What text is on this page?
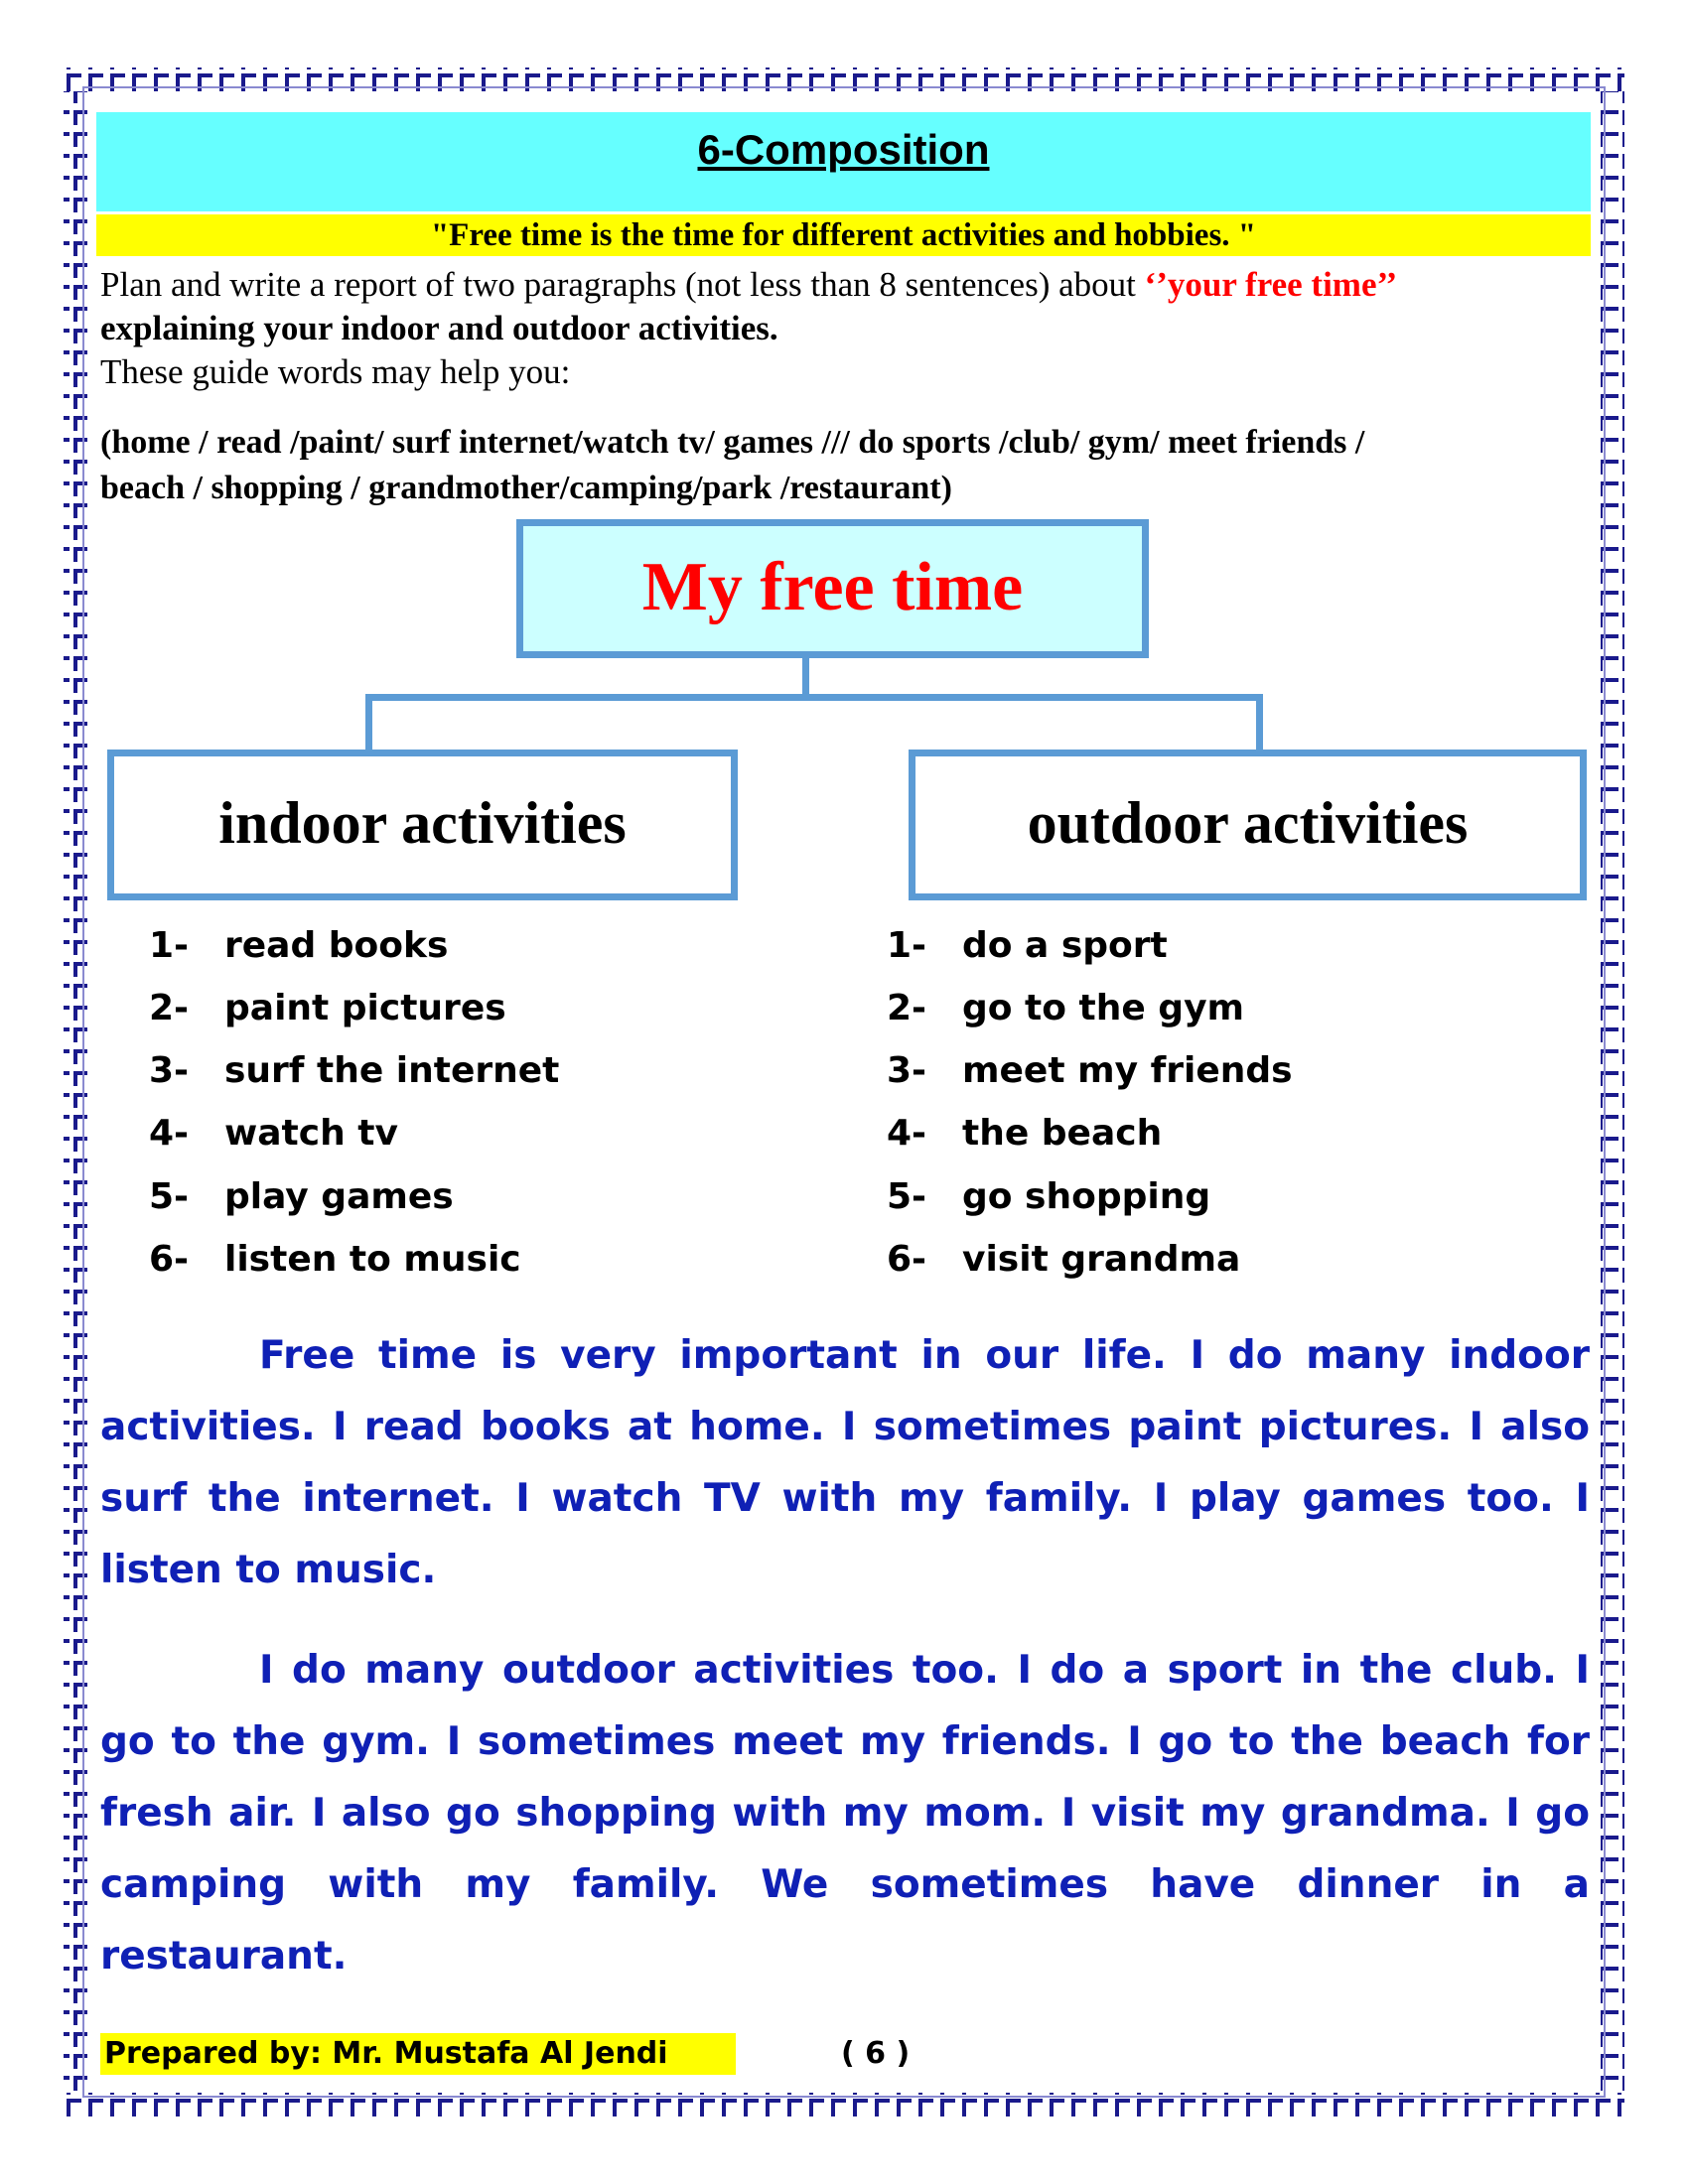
6-Composition
"Free time is the time for different activities and hobbies. "
Plan and write a report of two paragraphs (not less than 8 sentences) about ‘’your free time’’
explaining your indoor and outdoor activities.
These guide words may help you:
(home / read /paint/ surf internet/watch tv/ games /// do sports /club/ gym/ meet friends /
beach / shopping / grandmother/camping/park /restaurant)
My free time
indoor activities	outdoor activities
1- read books
2- paint pictures
3- surf the internet
4- watch tv
5- play games
6- listen to music
1- do a sport
2- go to the gym
3- meet my friends
4- the beach
5- go shopping
6- visit grandma
Free time is very important in our life. I do many indoor activities. I read books at home. I sometimes paint pictures. I also surf the internet. I watch TV with my family. I play games too. I listen to music.
I do many outdoor activities too. I do a sport in the club. I go to the gym. I sometimes meet my friends. I go to the beach for fresh air. I also go shopping with my mom. I visit my grandma. I go camping with my family. We sometimes have dinner in a restaurant.
Prepared by: Mr. Mustafa Al Jendi	( 6 )
